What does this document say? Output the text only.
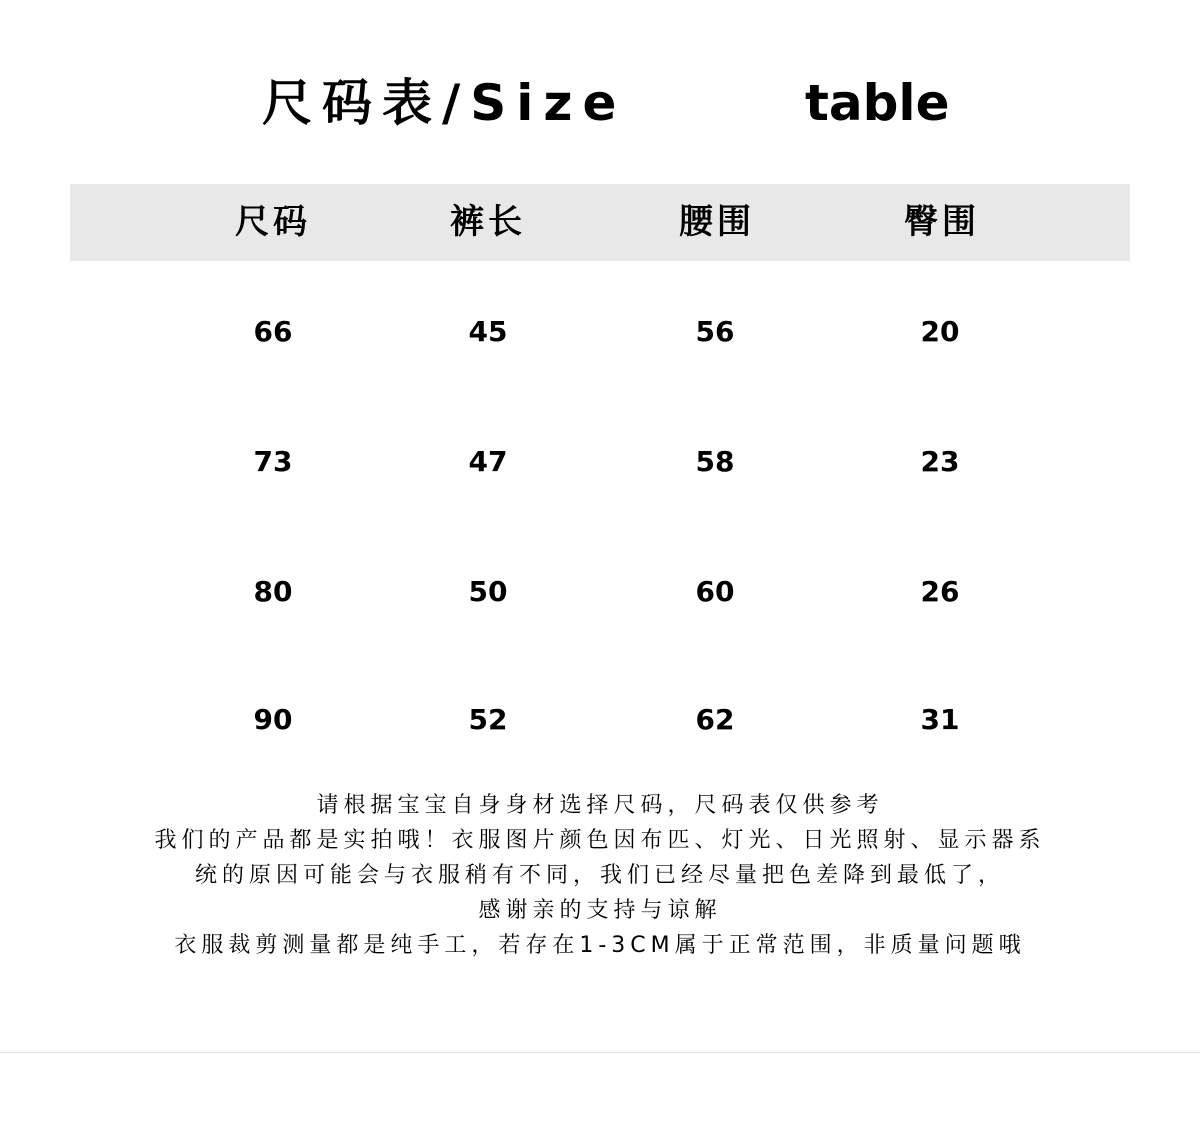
尺码表/Size	table
尺码	裤长	腰围	臀围
66	45	56	20
73	47	58	23
80	50	60	26
90	52	62	31
请根据宝宝自身身材选择尺码，尺码表仅供参考
我们的产品都是实拍哦！衣服图片颜色因布匹、灯光、日光照射、显示器系
统的原因可能会与衣服稍有不同，我们已经尽量把色差降到最低了，
感谢亲的支持与谅解
衣服裁剪测量都是纯手工，若存在1-3CM属于正常范围，非质量问题哦
